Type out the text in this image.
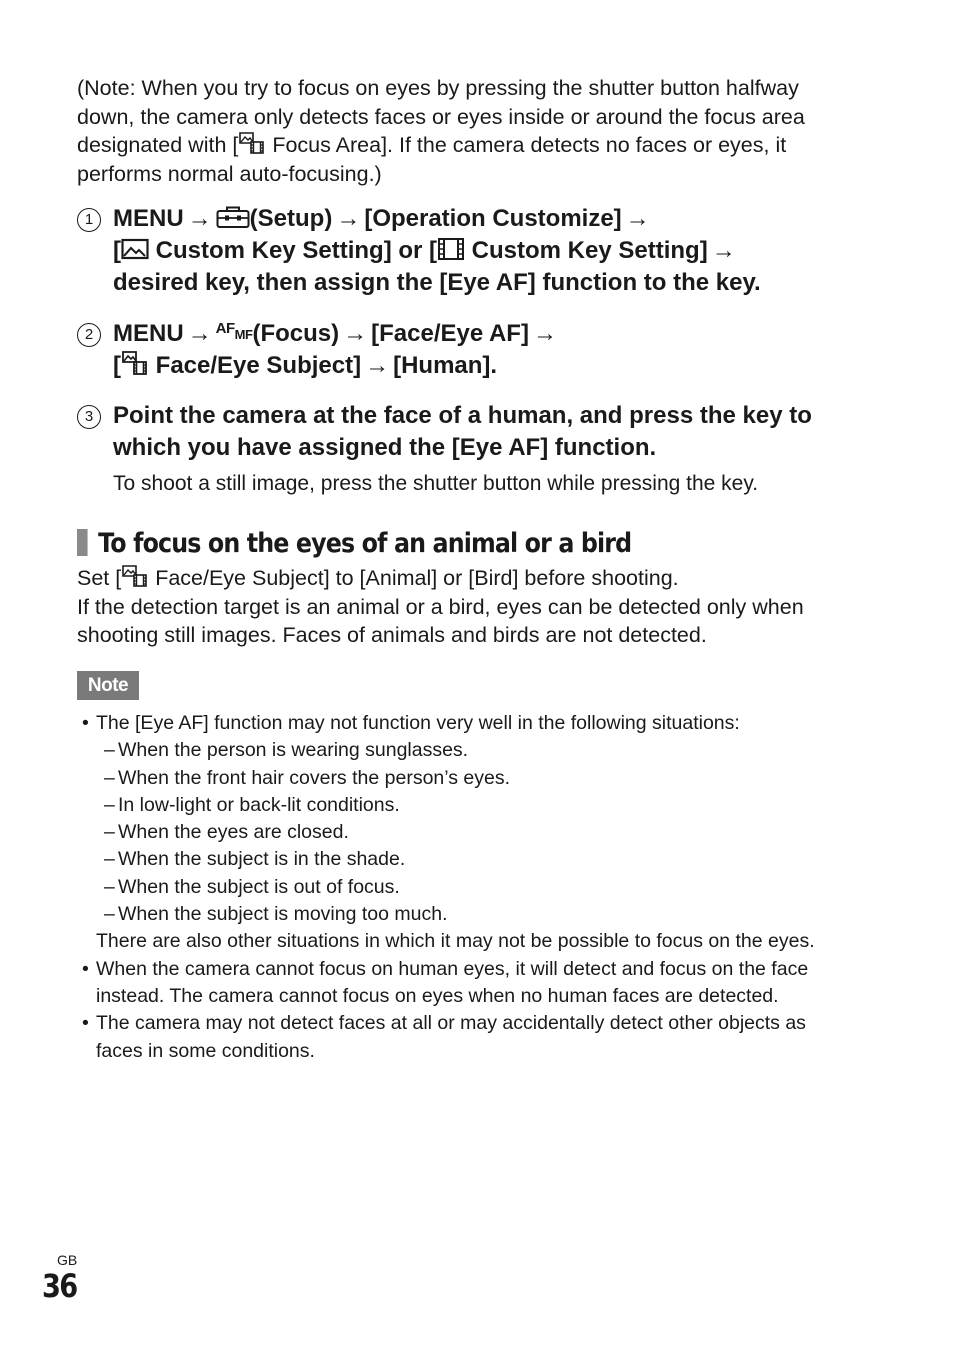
(Note: When you try to focus on eyes by pressing the shutter button halfway down, the camera only detects faces or eyes inside or around the focus area designated with [
Focus Area]. If the camera detects no faces or eyes, it performs normal auto-focusing.)
1 MENU → (Setup) → [Operation Customize] →
[
Custom Key Setting] or [
Custom Key Setting] →
desired key, then assign the [Eye AF] function to the key.
2 MENU → $AF_{MF}(Focus)$ → [Face/Eye AF] →
[
Face/Eye Subject] → [Human].
3 Point the camera at the face of a human, and press the key to which you have assigned the [Eye AF] function.
To shoot a still image, press the shutter button while pressing the key.
To focus on the eyes of an animal or a bird
Set [
Face/Eye Subject] to [Animal] or [Bird] before shooting.
If the detection target is an animal or a bird, eyes can be detected only when shooting still images. Faces of animals and birds are not detected.
Note
• The [Eye AF] function may not function very well in the following situations:
– When the person is wearing sunglasses.
– When the front hair covers the person’s eyes.
– In low-light or back-lit conditions.
– When the eyes are closed.
– When the subject is in the shade.
– When the subject is out of focus.
– When the subject is moving too much.
There are also other situations in which it may not be possible to focus on the eyes.
• When the camera cannot focus on human eyes, it will detect and focus on the face instead. The camera cannot focus on eyes when no human faces are detected.
• The camera may not detect faces at all or may accidentally detect other objects as faces in some conditions.
GB
36
